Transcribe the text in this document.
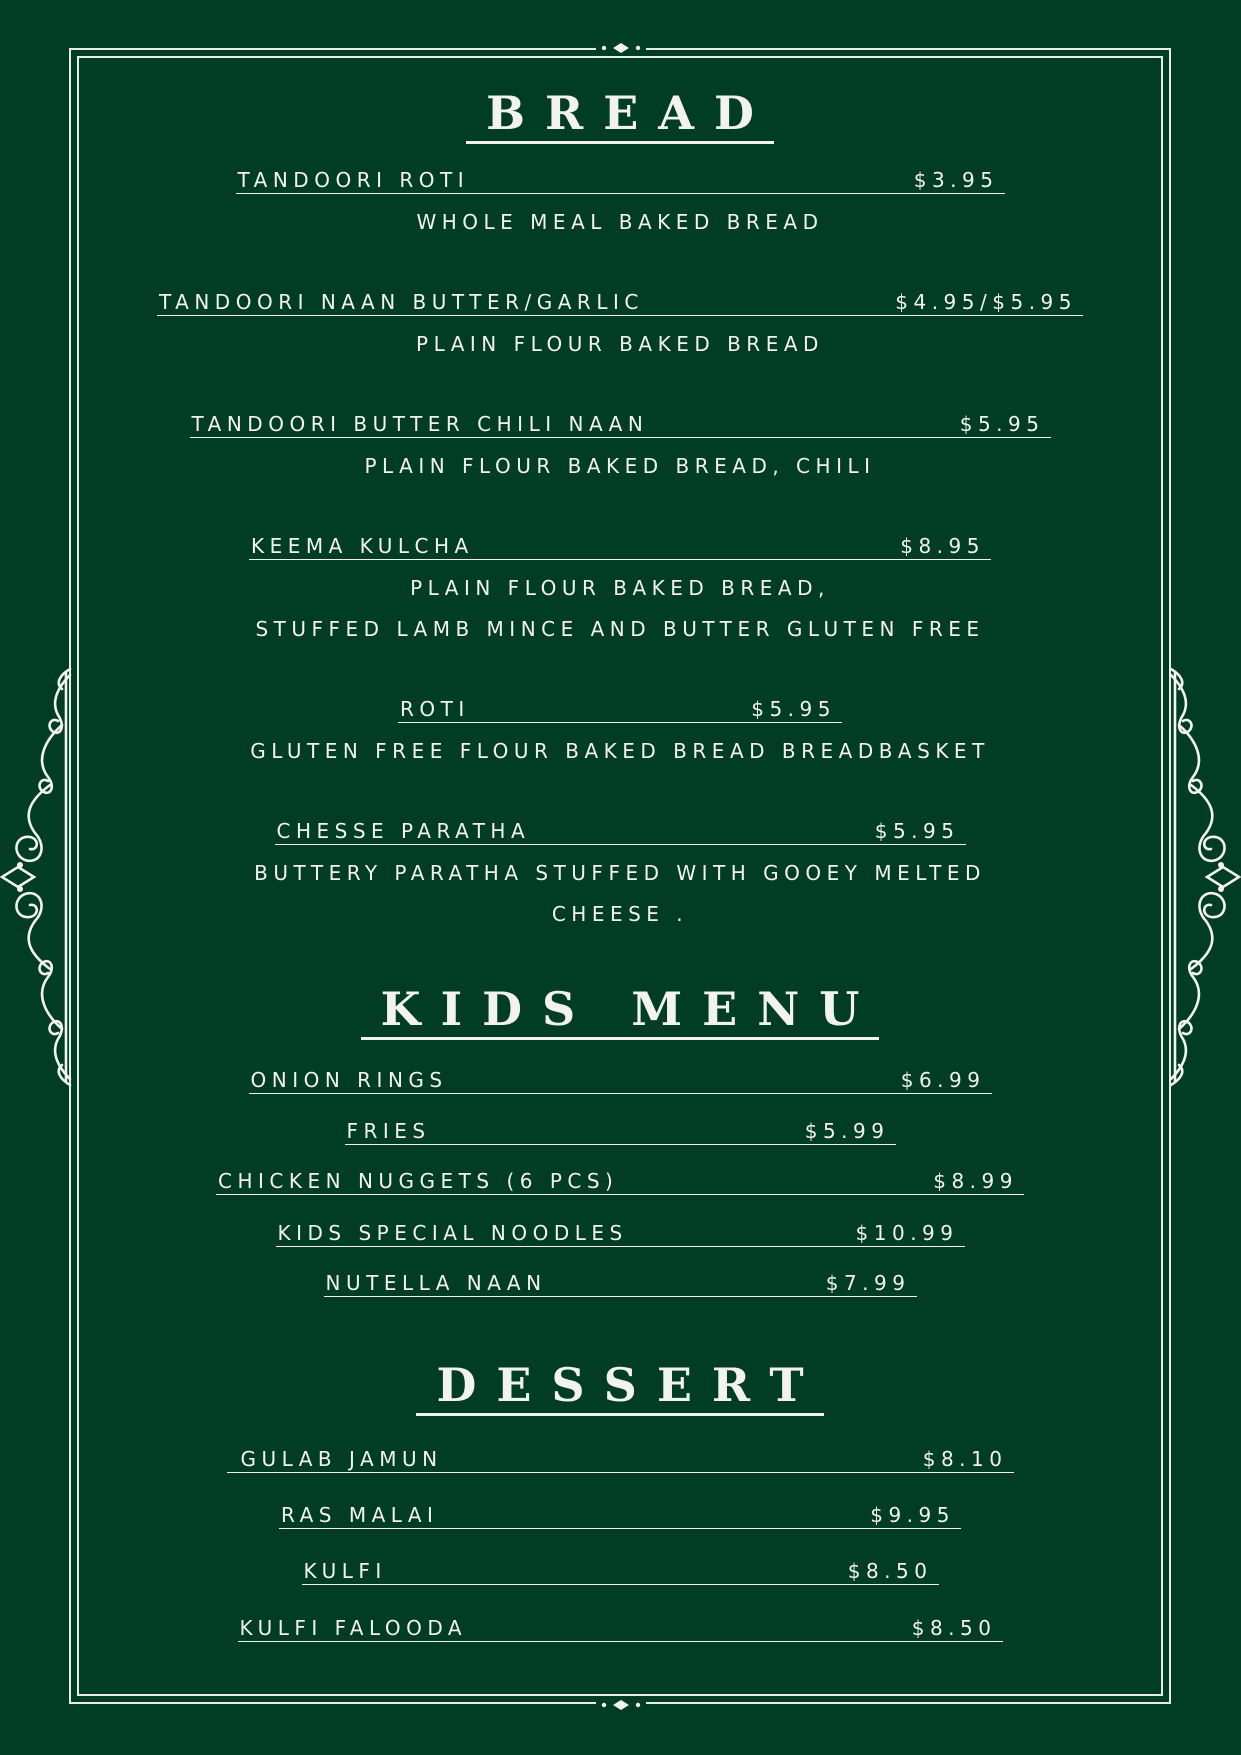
BREAD
TANDOORI ROTI	$3.95
WHOLE MEAL BAKED BREAD
TANDOORI NAAN BUTTER/GARLIC	$4.95/$5.95
PLAIN FLOUR BAKED BREAD
TANDOORI BUTTER CHILI NAAN	$5.95
PLAIN FLOUR BAKED BREAD, CHILI
KEEMA KULCHA	$8.95
PLAIN FLOUR BAKED BREAD,
STUFFED LAMB MINCE AND BUTTER GLUTEN FREE
ROTI	$5.95
GLUTEN FREE FLOUR BAKED BREAD BREADBASKET
CHESSE PARATHA	$5.95
BUTTERY PARATHA STUFFED WITH GOOEY MELTED
CHEESE .
KIDS MENU
ONION RINGS	$6.99
FRIES	$5.99
CHICKEN NUGGETS (6 PCS)	$8.99
KIDS SPECIAL NOODLES	$10.99
NUTELLA NAAN	$7.99
DESSERT
GULAB JAMUN	$8.10
RAS MALAI	$9.95
KULFI	$8.50
KULFI FALOODA	$8.50
